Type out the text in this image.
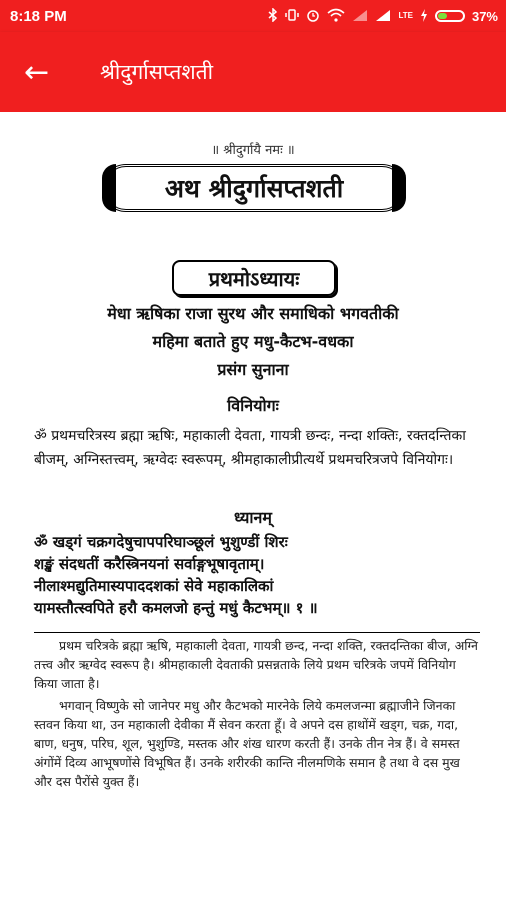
8:18 PM	LTE	37%
←	श्रीदुर्गासप्तशती
॥ श्रीदुर्गायै नमः ॥
अथ श्रीदुर्गासप्तशती
प्रथमोऽध्यायः
मेधा ऋषिका राजा सुरथ और समाधिको भगवतीकी
महिमा बताते हुए मधु-कैटभ-वधका
प्रसंग सुनाना
विनियोगः
ॐ प्रथमचरित्रस्य ब्रह्मा ऋषिः, महाकाली देवता, गायत्री छन्दः, नन्दा शक्तिः, रक्तदन्तिका बीजम्, अग्निस्तत्त्वम्, ऋग्वेदः स्वरूपम्, श्रीमहाकालीप्रीत्यर्थे प्रथमचरित्रजपे विनियोगः।
ध्यानम्
ॐ खड्गं चक्रगदेषुचापपरिघाञ्छूलं भुशुण्डीं शिरः
शङ्खं संदधतीं करैस्त्रिनयनां सर्वाङ्गभूषावृताम्।
नीलाश्मद्युतिमास्यपाददशकां सेवे महाकालिकां
यामस्तौत्स्वपिते हरौ कमलजो हन्तुं मधुं कैटभम्॥ १ ॥
प्रथम चरित्रके ब्रह्मा ऋषि, महाकाली देवता, गायत्री छन्द, नन्दा शक्ति, रक्तदन्तिका बीज, अग्नि तत्त्व और ऋग्वेद स्वरूप है। श्रीमहाकाली देवताकी प्रसन्नताके लिये प्रथम चरित्रके जपमें विनियोग किया जाता है।
भगवान् विष्णुके सो जानेपर मधु और कैटभको मारनेके लिये कमलजन्मा ब्रह्माजीने जिनका स्तवन किया था, उन महाकाली देवीका मैं सेवन करता हूँ। वे अपने दस हाथोंमें खड्ग, चक्र, गदा, बाण, धनुष, परिघ, शूल, भुशुण्डि, मस्तक और शंख धारण करती हैं। उनके तीन नेत्र हैं। वे समस्त अंगोंमें दिव्य आभूषणोंसे विभूषित हैं। उनके शरीरकी कान्ति नीलमणिके समान है तथा वे दस मुख और दस पैरोंसे युक्त हैं।
